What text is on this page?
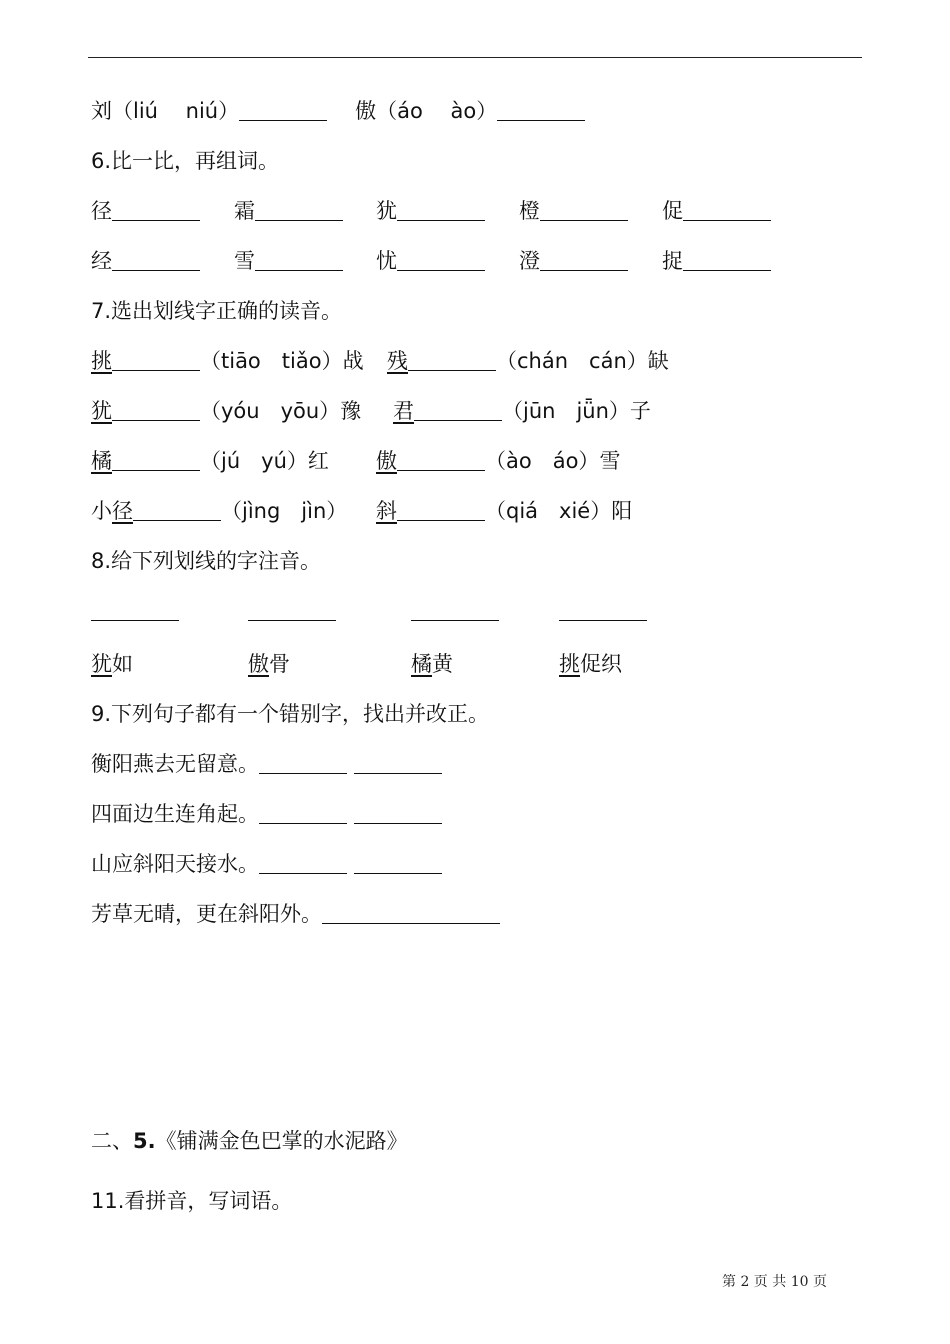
刘（liú　 niú）	傲（áo　 ào）
6.比一比，再组词。
径	霜	犹	橙	促
经	雪	忧	澄	捉
7.选出划线字正确的读音。
挑	（tiāo　tiǎo）战 残	（chán　cán）缺
犹	（yóu　yōu）豫 君	（jūn　jǖn）子
橘	（jú　yú）红 傲	（ào　áo）雪
小径	（jìng　jìn） 斜	（qiá　xié）阳
8.给下列划线的字注音。
犹如	傲骨	橘黄	挑促织
9.下列句子都有一个错别字，找出并改正。
衡阳燕去无留意。
四面边生连角起。
山应斜阳天接水。
芳草无晴，更在斜阳外。
二、5.《铺满金色巴掌的水泥路》
11.看拼音，写词语。
第 2 页 共 10 页
